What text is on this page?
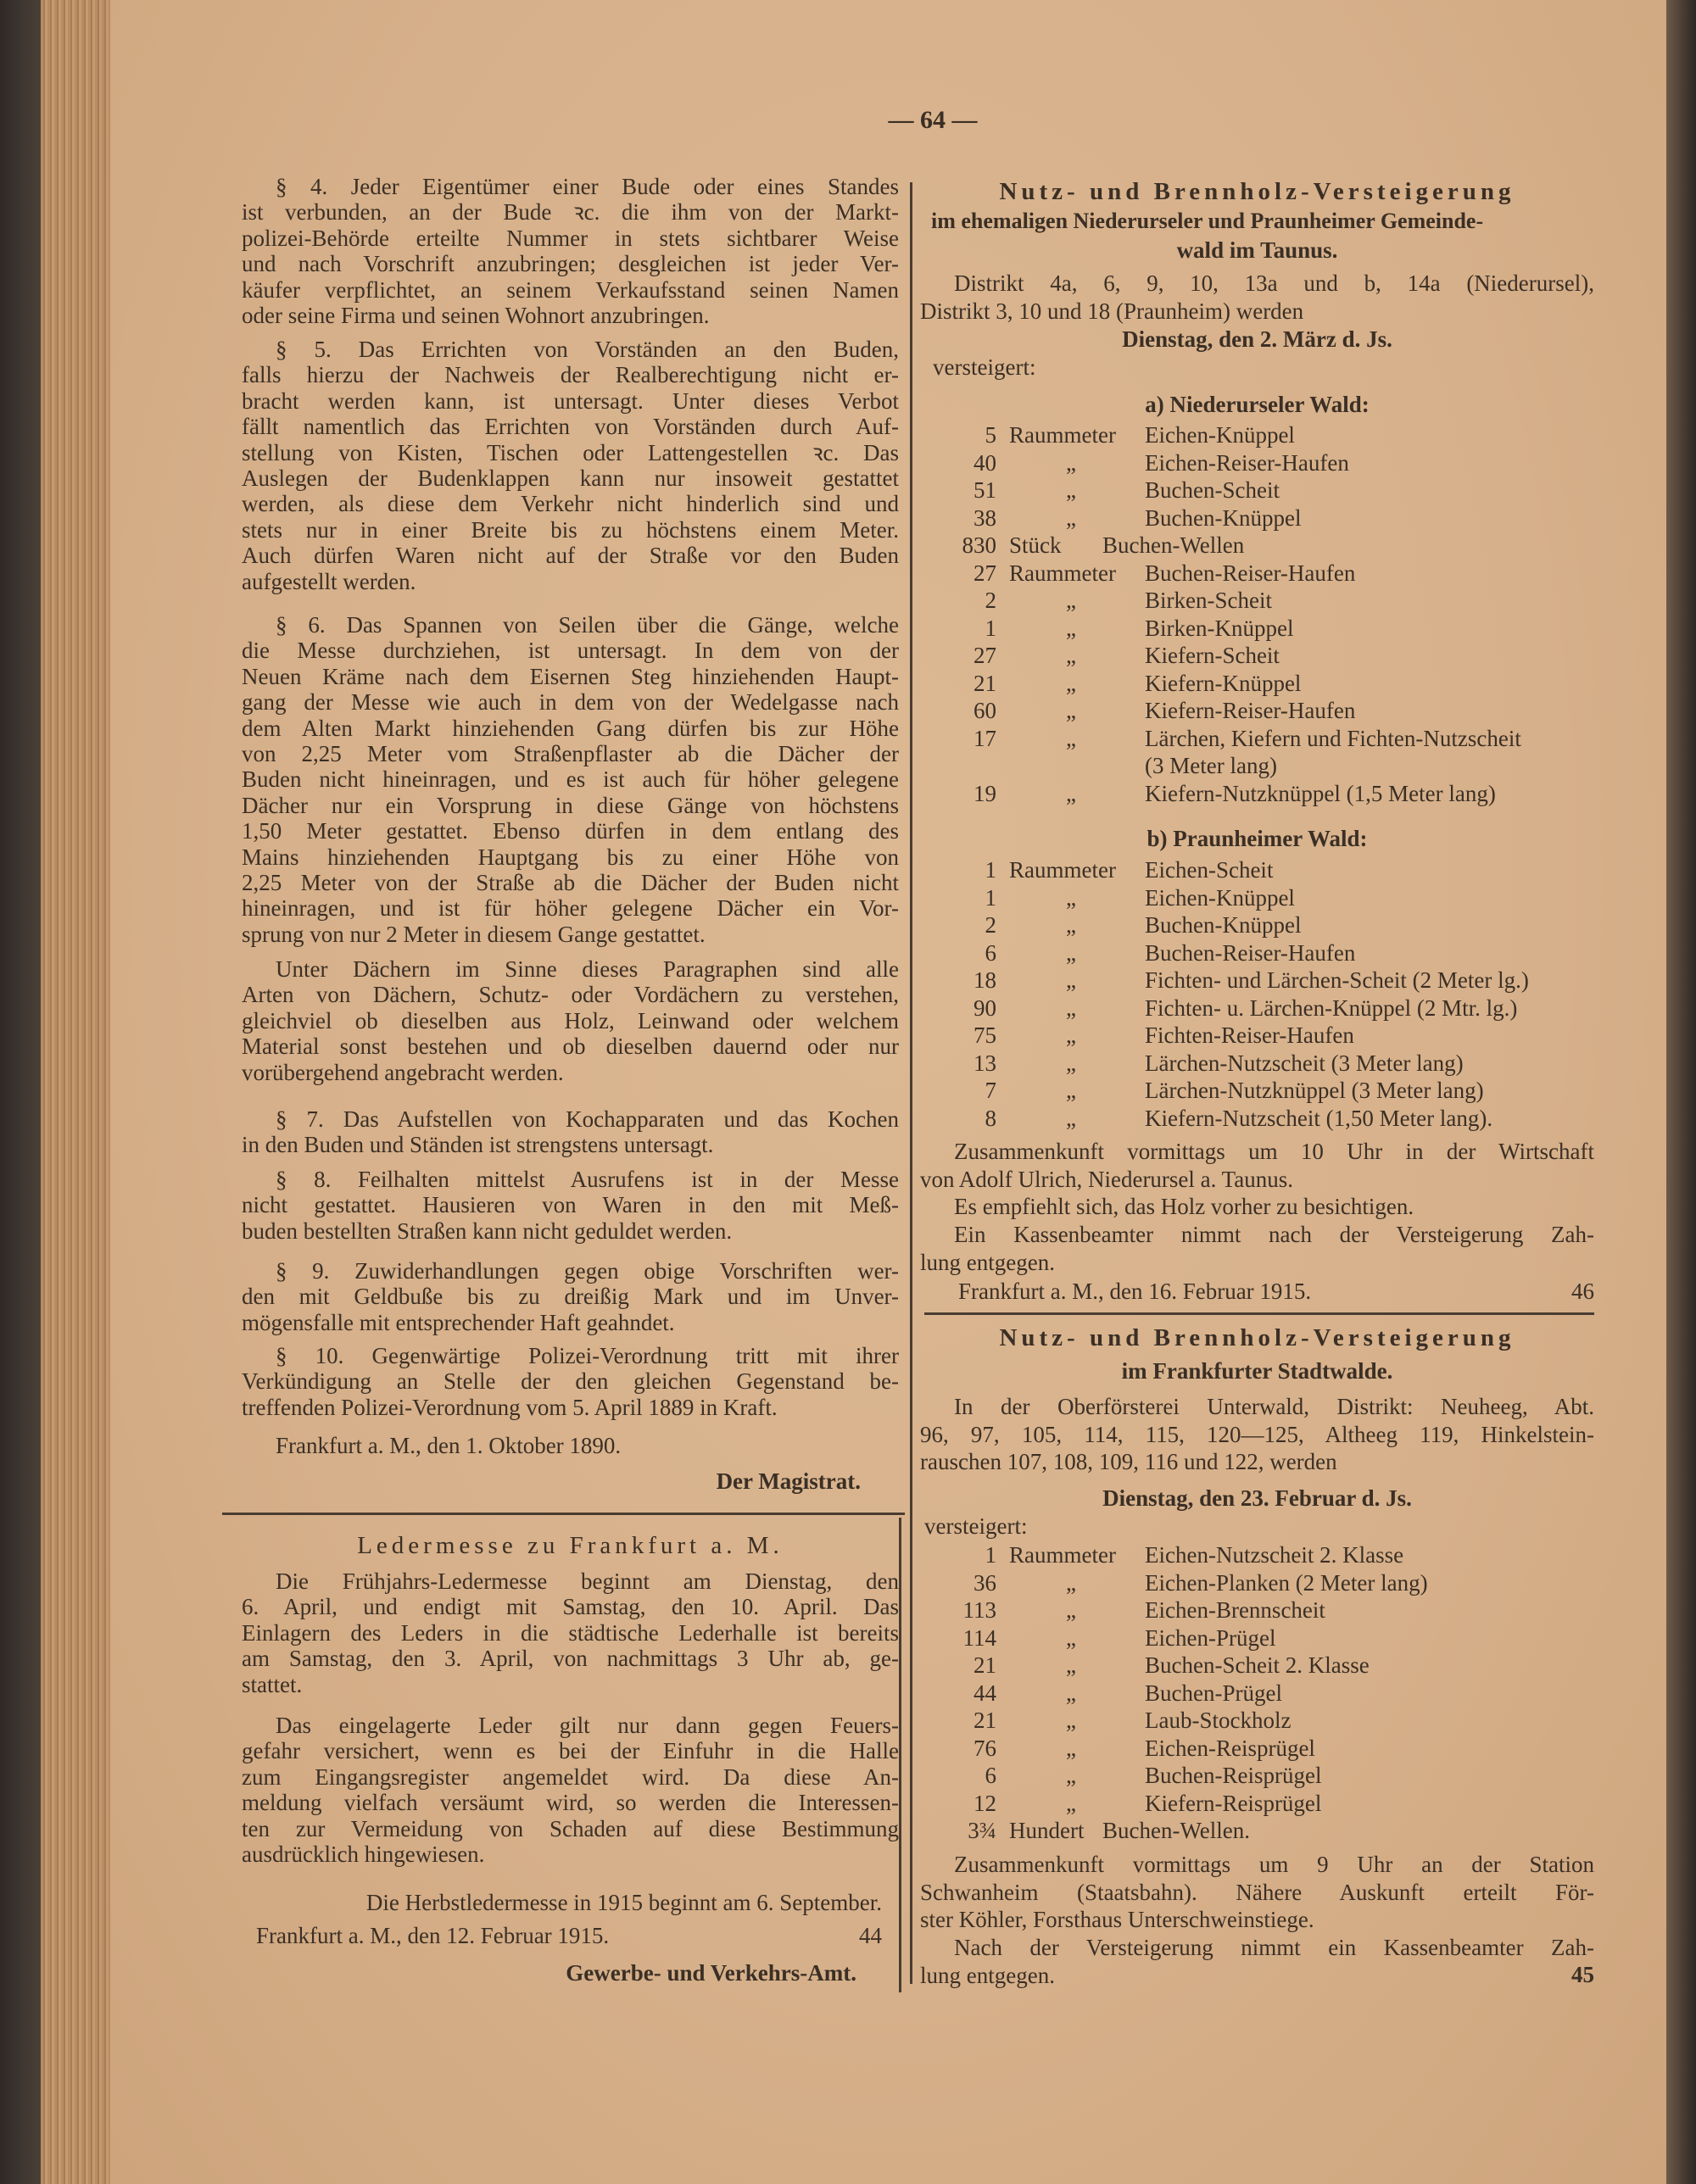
— 64 —
§ 4. Jeder Eigentümer einer Bude oder eines Standes
ist verbunden, an der Bude ꝛc. die ihm von der Markt-
polizei-Behörde erteilte Nummer in stets sichtbarer Weise
und nach Vorschrift anzubringen; desgleichen ist jeder Ver-
käufer verpflichtet, an seinem Verkaufsstand seinen Namen
oder seine Firma und seinen Wohnort anzubringen.
§ 5. Das Errichten von Vorständen an den Buden,
falls hierzu der Nachweis der Realberechtigung nicht er-
bracht werden kann, ist untersagt. Unter dieses Verbot
fällt namentlich das Errichten von Vorständen durch Auf-
stellung von Kisten, Tischen oder Lattengestellen ꝛc. Das
Auslegen der Budenklappen kann nur insoweit gestattet
werden, als diese dem Verkehr nicht hinderlich sind und
stets nur in einer Breite bis zu höchstens einem Meter.
Auch dürfen Waren nicht auf der Straße vor den Buden
aufgestellt werden.
§ 6. Das Spannen von Seilen über die Gänge, welche
die Messe durchziehen, ist untersagt. In dem von der
Neuen Kräme nach dem Eisernen Steg hinziehenden Haupt-
gang der Messe wie auch in dem von der Wedelgasse nach
dem Alten Markt hinziehenden Gang dürfen bis zur Höhe
von 2,25 Meter vom Straßenpflaster ab die Dächer der
Buden nicht hineinragen, und es ist auch für höher gelegene
Dächer nur ein Vorsprung in diese Gänge von höchstens
1,50 Meter gestattet. Ebenso dürfen in dem entlang des
Mains hinziehenden Hauptgang bis zu einer Höhe von
2,25 Meter von der Straße ab die Dächer der Buden nicht
hineinragen, und ist für höher gelegene Dächer ein Vor-
sprung von nur 2 Meter in diesem Gange gestattet.
Unter Dächern im Sinne dieses Paragraphen sind alle
Arten von Dächern, Schutz- oder Vordächern zu verstehen,
gleichviel ob dieselben aus Holz, Leinwand oder welchem
Material sonst bestehen und ob dieselben dauernd oder nur
vorübergehend angebracht werden.
§ 7. Das Aufstellen von Kochapparaten und das Kochen
in den Buden und Ständen ist strengstens untersagt.
§ 8. Feilhalten mittelst Ausrufens ist in der Messe
nicht gestattet. Hausieren von Waren in den mit Meß-
buden bestellten Straßen kann nicht geduldet werden.
§ 9. Zuwiderhandlungen gegen obige Vorschriften wer-
den mit Geldbuße bis zu dreißig Mark und im Unver-
mögensfalle mit entsprechender Haft geahndet.
§ 10. Gegenwärtige Polizei-Verordnung tritt mit ihrer
Verkündigung an Stelle der den gleichen Gegenstand be-
treffenden Polizei-Verordnung vom 5. April 1889 in Kraft.
Frankfurt a. M., den 1. Oktober 1890.
Der Magistrat.
Ledermesse zu Frankfurt a. M.
Die Frühjahrs-Ledermesse beginnt am Dienstag, den
6. April, und endigt mit Samstag, den 10. April. Das
Einlagern des Leders in die städtische Lederhalle ist bereits
am Samstag, den 3. April, von nachmittags 3 Uhr ab, ge-
stattet.
Das eingelagerte Leder gilt nur dann gegen Feuers-
gefahr versichert, wenn es bei der Einfuhr in die Halle
zum Eingangsregister angemeldet wird. Da diese An-
meldung vielfach versäumt wird, so werden die Interessen-
ten zur Vermeidung von Schaden auf diese Bestimmung
ausdrücklich hingewiesen.
Die Herbstledermesse in 1915 beginnt am 6. September.
Frankfurt a. M., den 12. Februar 1915.	44
Gewerbe- und Verkehrs-Amt.
Nutz- und Brennholz-Versteigerung
im ehemaligen Niederurseler und Praunheimer Gemeinde-
wald im Taunus.
Distrikt 4a, 6, 9, 10, 13a und b, 14a (Niederursel),
Distrikt 3, 10 und 18 (Praunheim) werden
Dienstag, den 2. März d. Js.
versteigert:
a) Niederurseler Wald:
5 Raummeter Eichen-Knüppel
40	„	Eichen-Reiser-Haufen
51	„	Buchen-Scheit
38	„	Buchen-Knüppel
830 Stück Buchen-Wellen
27 Raummeter Buchen-Reiser-Haufen
2	„	Birken-Scheit
1	„	Birken-Knüppel
27	„	Kiefern-Scheit
21	„	Kiefern-Knüppel
60	„	Kiefern-Reiser-Haufen
17	„	Lärchen, Kiefern und Fichten-Nutzscheit
(3 Meter lang)
19	„	Kiefern-Nutzknüppel (1,5 Meter lang)
b) Praunheimer Wald:
1 Raummeter Eichen-Scheit
1	„	Eichen-Knüppel
2	„	Buchen-Knüppel
6	„	Buchen-Reiser-Haufen
18	„	Fichten- und Lärchen-Scheit (2 Meter lg.)
90	„	Fichten- u. Lärchen-Knüppel (2 Mtr. lg.)
75	„	Fichten-Reiser-Haufen
13	„	Lärchen-Nutzscheit (3 Meter lang)
7	„	Lärchen-Nutzknüppel (3 Meter lang)
8	„	Kiefern-Nutzscheit (1,50 Meter lang).
Zusammenkunft vormittags um 10 Uhr in der Wirtschaft
von Adolf Ulrich, Niederursel a. Taunus.
Es empfiehlt sich, das Holz vorher zu besichtigen.
Ein Kassenbeamter nimmt nach der Versteigerung Zah-
lung entgegen.
Frankfurt a. M., den 16. Februar 1915.	46
Nutz- und Brennholz-Versteigerung
im Frankfurter Stadtwalde.
In der Oberförsterei Unterwald, Distrikt: Neuheeg, Abt.
96, 97, 105, 114, 115, 120—125, Altheeg 119, Hinkelstein-
rauschen 107, 108, 109, 116 und 122, werden
Dienstag, den 23. Februar d. Js.
versteigert:
1 Raummeter Eichen-Nutzscheit 2. Klasse
36	„	Eichen-Planken (2 Meter lang)
113	„	Eichen-Brennscheit
114	„	Eichen-Prügel
21	„	Buchen-Scheit 2. Klasse
44	„	Buchen-Prügel
21	„	Laub-Stockholz
76	„	Eichen-Reisprügel
6	„	Buchen-Reisprügel
12	„	Kiefern-Reisprügel
3¾ Hundert Buchen-Wellen.
Zusammenkunft vormittags um 9 Uhr an der Station
Schwanheim (Staatsbahn). Nähere Auskunft erteilt För-
ster Köhler, Forsthaus Unterschweinstiege.
Nach der Versteigerung nimmt ein Kassenbeamter Zah-
lung entgegen.	45
